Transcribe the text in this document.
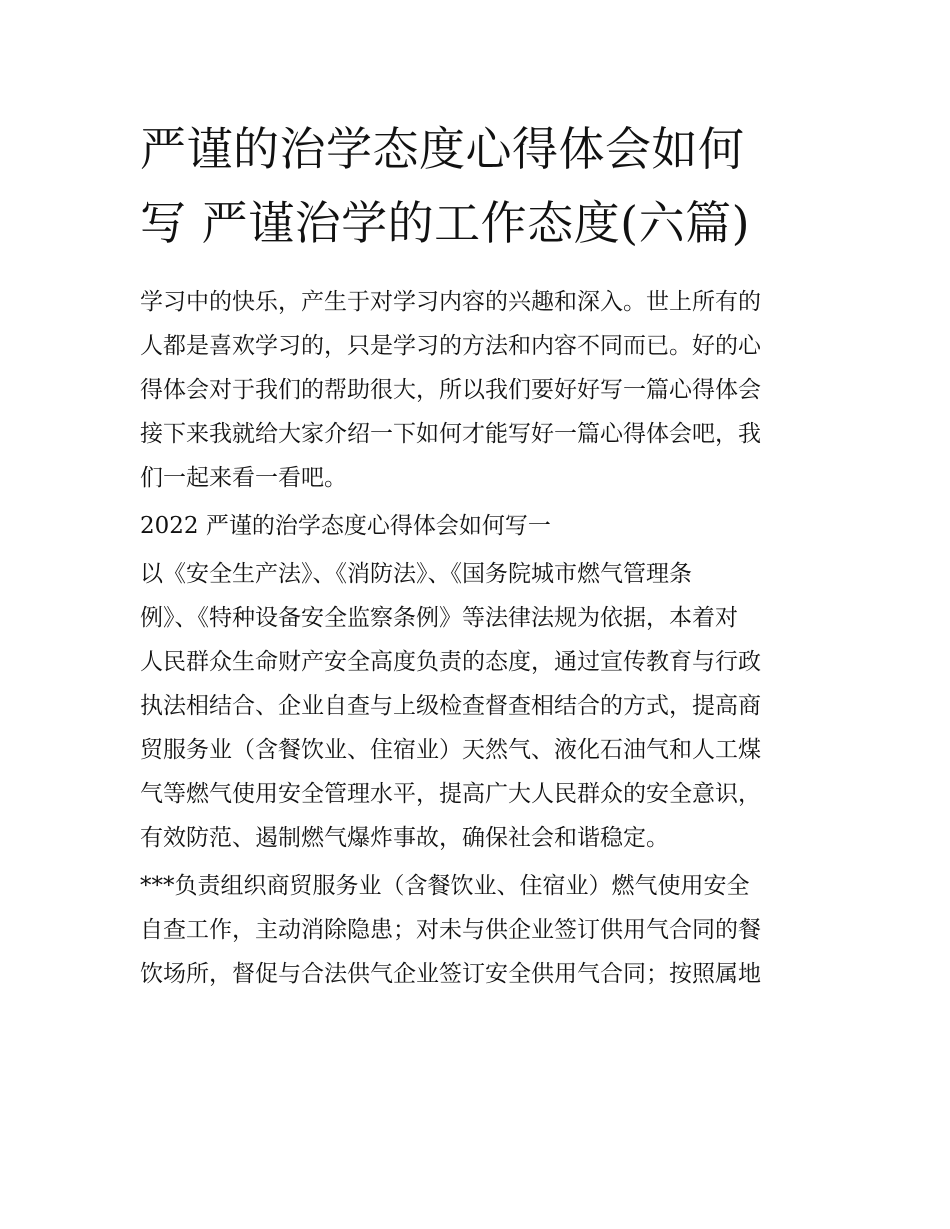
严谨的治学态度心得体会如何
写 严谨治学的工作态度(六篇)
学习中的快乐，产生于对学习内容的兴趣和深入。世上所有的
人都是喜欢学习的，只是学习的方法和内容不同而已。好的心
得体会对于我们的帮助很大，所以我们要好好写一篇心得体会
接下来我就给大家介绍一下如何才能写好一篇心得体会吧，我
们一起来看一看吧。
2022 严谨的治学态度心得体会如何写一
以《安全生产法》、《消防法》、《国务院城市燃气管理条
例》、《特种设备安全监察条例》等法律法规为依据，本着对
人民群众生命财产安全高度负责的态度，通过宣传教育与行政
执法相结合、企业自查与上级检查督查相结合的方式，提高商
贸服务业（含餐饮业、住宿业）天然气、液化石油气和人工煤
气等燃气使用安全管理水平，提高广大人民群众的安全意识，
有效防范、遏制燃气爆炸事故，确保社会和谐稳定。
***负责组织商贸服务业（含餐饮业、住宿业）燃气使用安全
自查工作，主动消除隐患；对未与供企业签订供用气合同的餐
饮场所，督促与合法供气企业签订安全供用气合同；按照属地
